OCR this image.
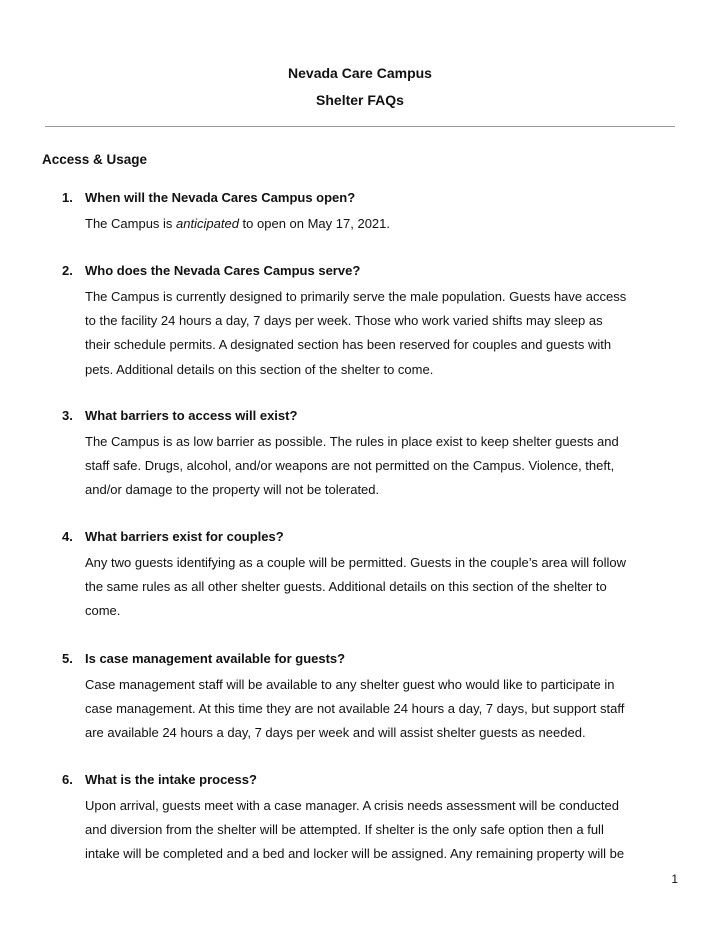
Nevada Care Campus
Shelter FAQs
Access & Usage
1. When will the Nevada Cares Campus open?
The Campus is anticipated to open on May 17, 2021.
2. Who does the Nevada Cares Campus serve?
The Campus is currently designed to primarily serve the male population. Guests have access
to the facility 24 hours a day, 7 days per week. Those who work varied shifts may sleep as
their schedule permits. A designated section has been reserved for couples and guests with
pets. Additional details on this section of the shelter to come.
3. What barriers to access will exist?
The Campus is as low barrier as possible. The rules in place exist to keep shelter guests and
staff safe. Drugs, alcohol, and/or weapons are not permitted on the Campus. Violence, theft,
and/or damage to the property will not be tolerated.
4. What barriers exist for couples?
Any two guests identifying as a couple will be permitted. Guests in the couple’s area will follow
the same rules as all other shelter guests. Additional details on this section of the shelter to
come.
5. Is case management available for guests?
Case management staff will be available to any shelter guest who would like to participate in
case management. At this time they are not available 24 hours a day, 7 days, but support staff
are available 24 hours a day, 7 days per week and will assist shelter guests as needed.
6. What is the intake process?
Upon arrival, guests meet with a case manager. A crisis needs assessment will be conducted
and diversion from the shelter will be attempted. If shelter is the only safe option then a full
intake will be completed and a bed and locker will be assigned. Any remaining property will be
1
